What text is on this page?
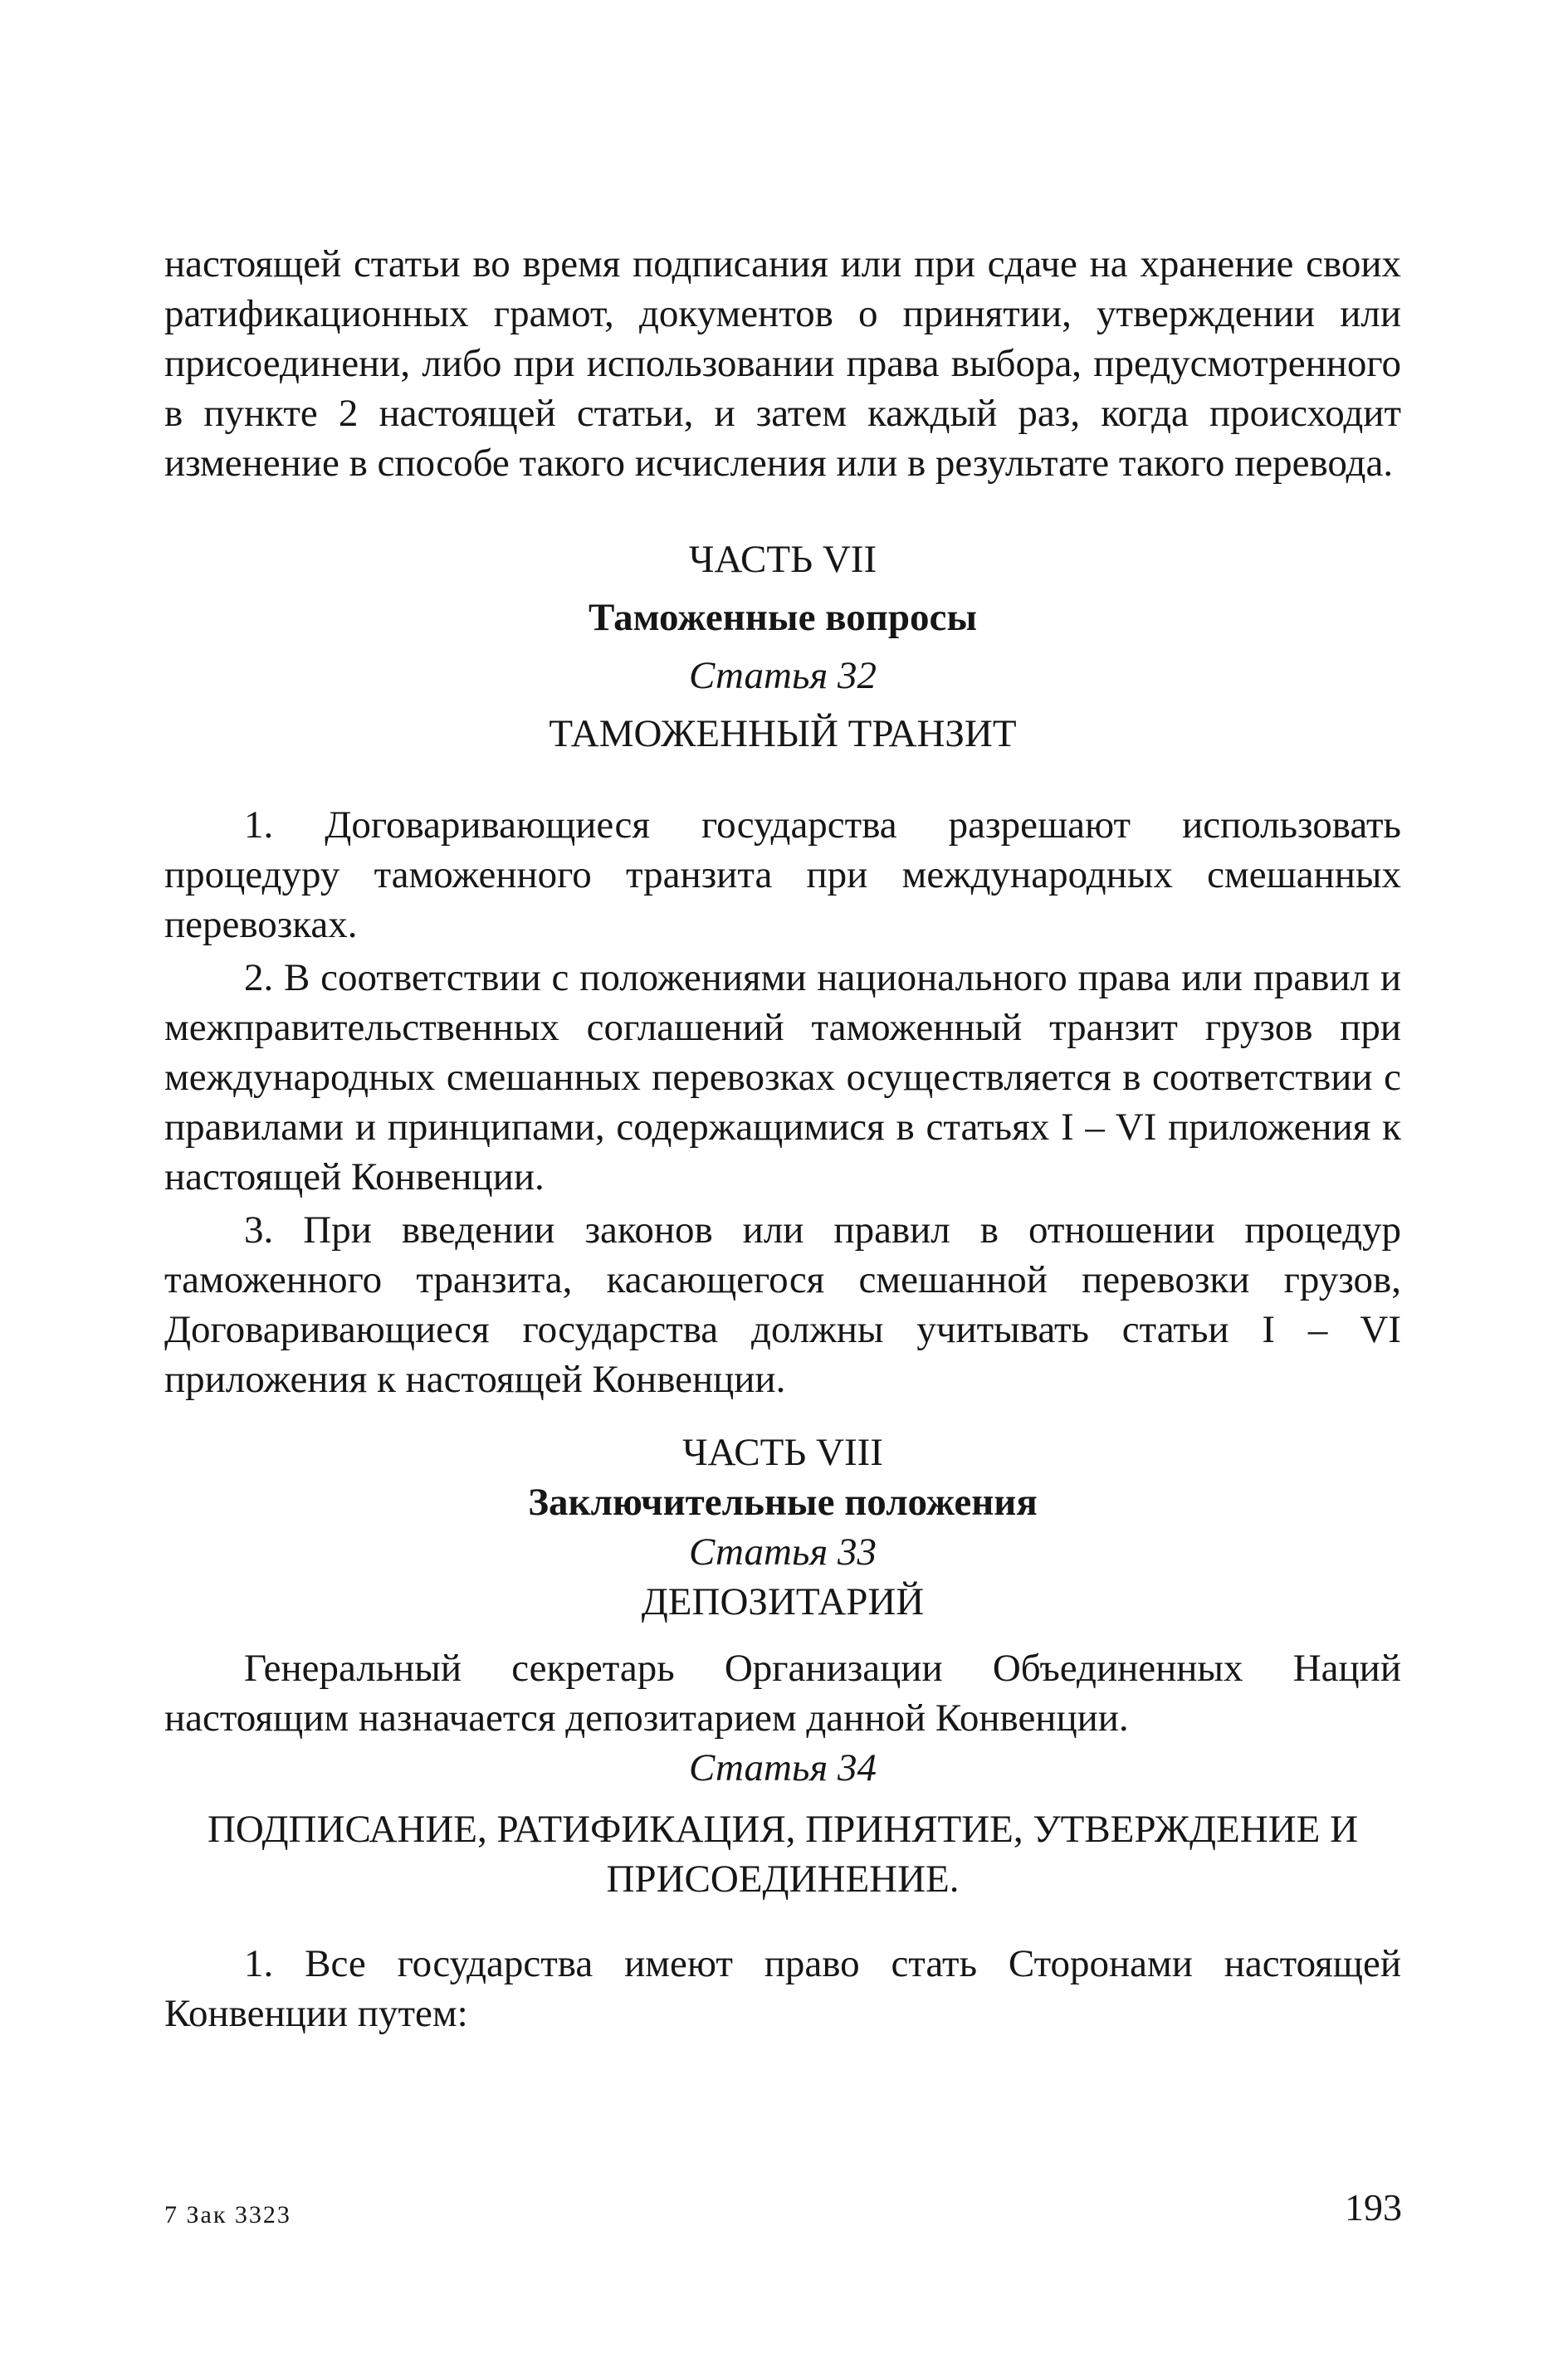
настоящей статьи во время подписания или при сдаче на хранение своих ратификационных грамот, документов о принятии, утверждении или присоединени, либо при использовании права выбора, предусмотренного в пункте 2 настоящей статьи, и затем каждый раз, когда происходит изменение в способе такого исчисления или в результате такого перевода.

ЧАСТЬ VII
Таможенные вопросы
Статья 32
ТАМОЖЕННЫЙ ТРАНЗИТ

1. Договаривающиеся государства разрешают использовать процедуру таможенного транзита при международных смешанных перевозках.

2. В соответствии с положениями национального права или правил и межправительственных соглашений таможенный транзит грузов при международных смешанных перевозках осуществляется в соответствии с правилами и принципами, содержащимися в статьях I – VI приложения к настоящей Конвенции.

3. При введении законов или правил в отношении процедур таможенного транзита, касающегося смешанной перевозки грузов, Договаривающиеся государства должны учитывать статьи I – VI приложения к настоящей Конвенции.

ЧАСТЬ VIII
Заключительные положения
Статья 33
ДЕПОЗИТАРИЙ

Генеральный секретарь Организации Объединенных Наций настоящим назначается депозитарием данной Конвенции.

Статья 34
ПОДПИСАНИЕ, РАТИФИКАЦИЯ, ПРИНЯТИЕ, УТВЕРЖДЕНИЕ И
ПРИСОЕДИНЕНИЕ.

1. Все государства имеют право стать Сторонами настоящей Конвенции путем:

7 Зак 3323	193
